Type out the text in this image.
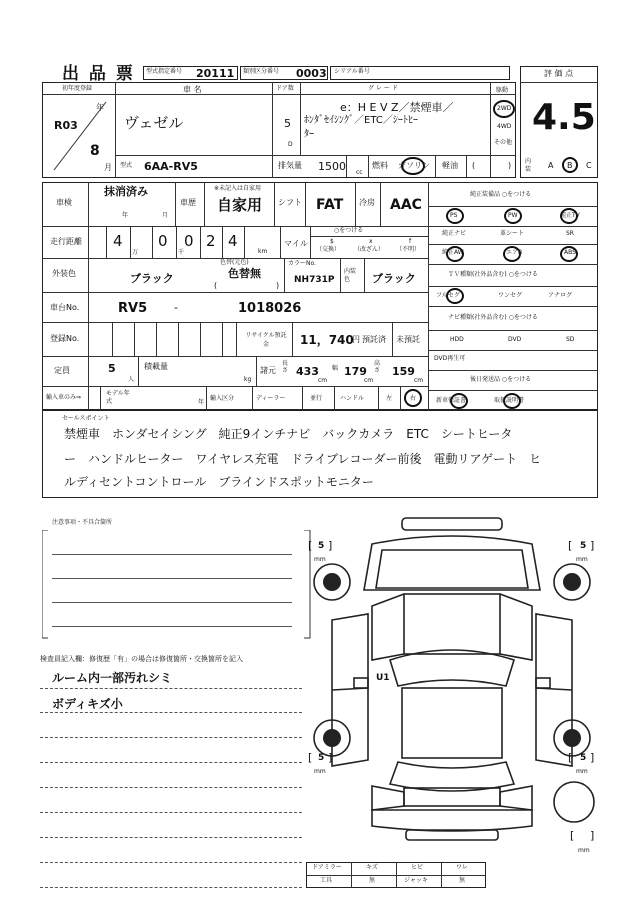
出 品 票 型式指定番号 20111 類別区分番号 0003 シリアル番号	評 価 点
4.5
初年度登録
R03
年
8
月
車 名
ヴェゼル
ドア数
5
D
グ レ ー ド
e：H E V Z／禁煙車／
ﾎﾝﾀﾞｾｲｼﾝｸﾞ／ETC／ｼｰﾄﾋｰ
ﾀｰ
駆動
2WD
4WD
その他
型式 6AA-RV5	排気量 1500 cc
燃料 ガソリン 軽油 (	) 内装 A B C
車検
抹消済み
年	月
車歴
※未記入は自家用
自家用 シフト FAT 冷房 AAC
走行距離 4
万
0
千
0 2 4
km
マイル
○をつける
$
（交換）
x
（改ざん）
f
（不明）
外装色	ブラック
色替(元色)
色替無
(	)
カラーNo.
NH731P
内装色	ブラック
車台No.	RV5 -	1018026
登録No.	リサイクル預託金	11，740
円 預託済 未預託
定員	5
人
積載量
kg
諸元
長さ 433
cm
幅 179
cm
高さ 159
cm
輸入車のみ⇒
モデル年式	年
輸入区分	ディーラー	並行	ハンドル	左	右
純正装備品 ○をつける
PS	PW	純正TV
純正ナビ	革シート	SR
純正AW	エアB	ABS
ＴＶ種類(社外品含む) ○をつける
フルセグ	ワンセグ	アナログ
ナビ種類(社外品含む) ○をつける
HDD	DVD	SD
DVD再生可
後日発送品 ○をつける
新車保証書	取扱説明書
セールスポイント
禁煙車　ホンダセイシング　純正9インチナビ　バックカメラ　ETC　シートヒータ
ー　ハンドルヒーター　ワイヤレス充電　ドライブレコーダー前後　電動リアゲート　ヒ
ルディセントコントロール　ブラインドスポットモニター
注意事項・不具合箇所
検査員記入欄：修復歴「有」の場合は修復箇所・交換箇所を記入
ルーム内一部汚れシミ
ボディキズ小
U1
[ 5 ]
mm
[ 5 ]
mm
[ 5 ]
mm
[ 5 ]
mm
[ ]
mm
ドアミラー	キズ	ヒビ	ワレ
工具	無	ジャッキ	無
